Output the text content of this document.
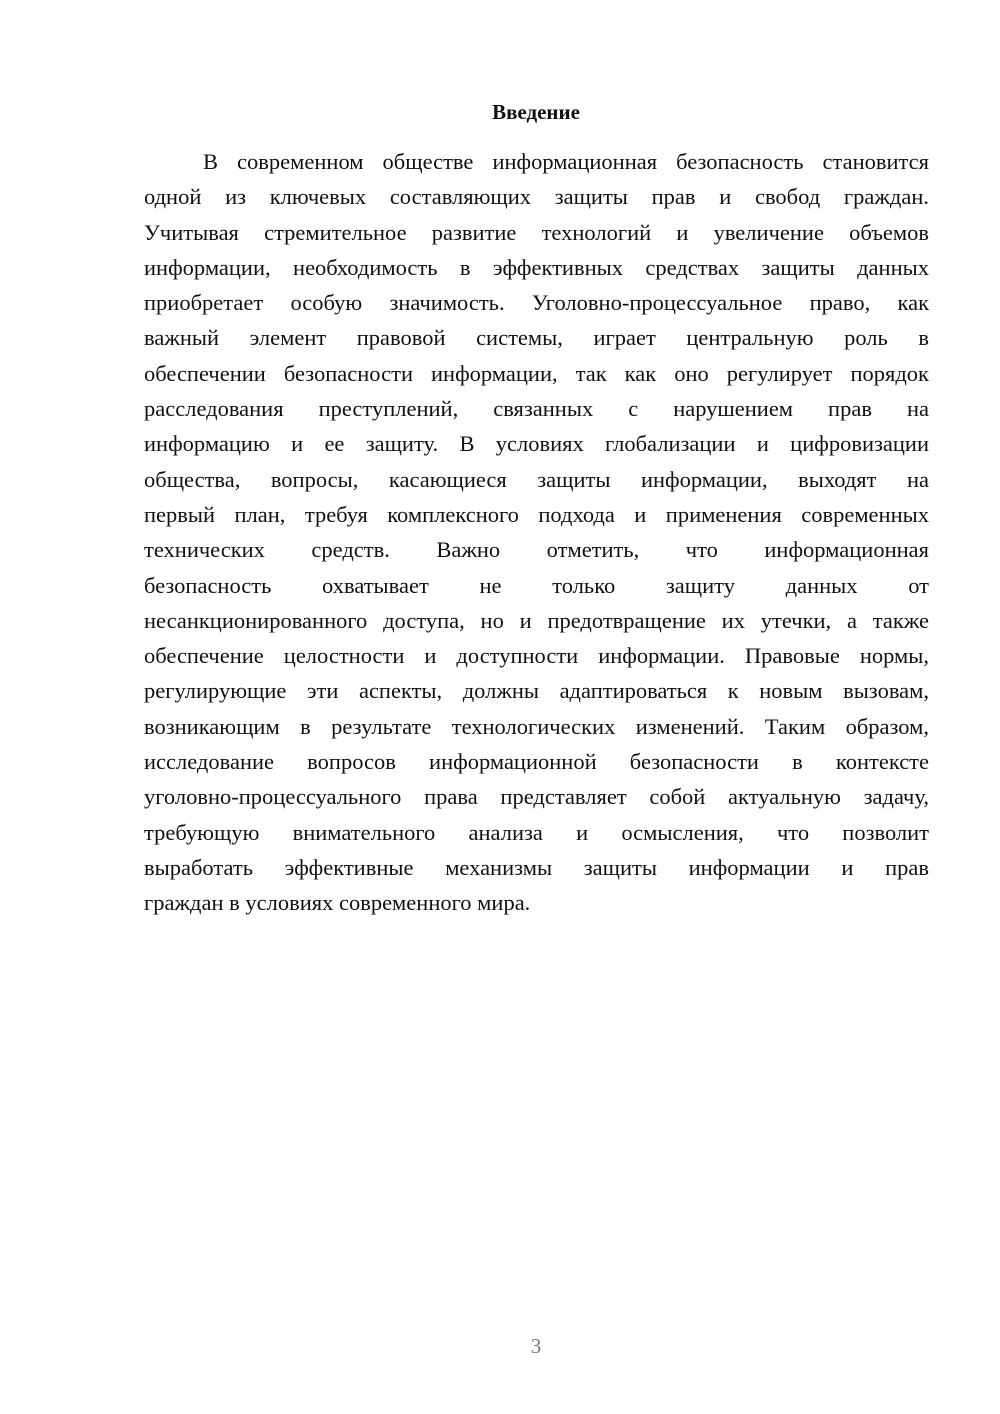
Введение
В современном обществе информационная безопасность становится
одной из ключевых составляющих защиты прав и свобод граждан.
Учитывая стремительное развитие технологий и увеличение объемов
информации, необходимость в эффективных средствах защиты данных
приобретает особую значимость. Уголовно-процессуальное право, как
важный элемент правовой системы, играет центральную роль в
обеспечении безопасности информации, так как оно регулирует порядок
расследования преступлений, связанных с нарушением прав на
информацию и ее защиту. В условиях глобализации и цифровизации
общества, вопросы, касающиеся защиты информации, выходят на
первый план, требуя комплексного подхода и применения современных
технических средств. Важно отметить, что информационная
безопасность охватывает не только защиту данных от
несанкционированного доступа, но и предотвращение их утечки, а также
обеспечение целостности и доступности информации. Правовые нормы,
регулирующие эти аспекты, должны адаптироваться к новым вызовам,
возникающим в результате технологических изменений. Таким образом,
исследование вопросов информационной безопасности в контексте
уголовно-процессуального права представляет собой актуальную задачу,
требующую внимательного анализа и осмысления, что позволит
выработать эффективные механизмы защиты информации и прав
граждан в условиях современного мира.
3
